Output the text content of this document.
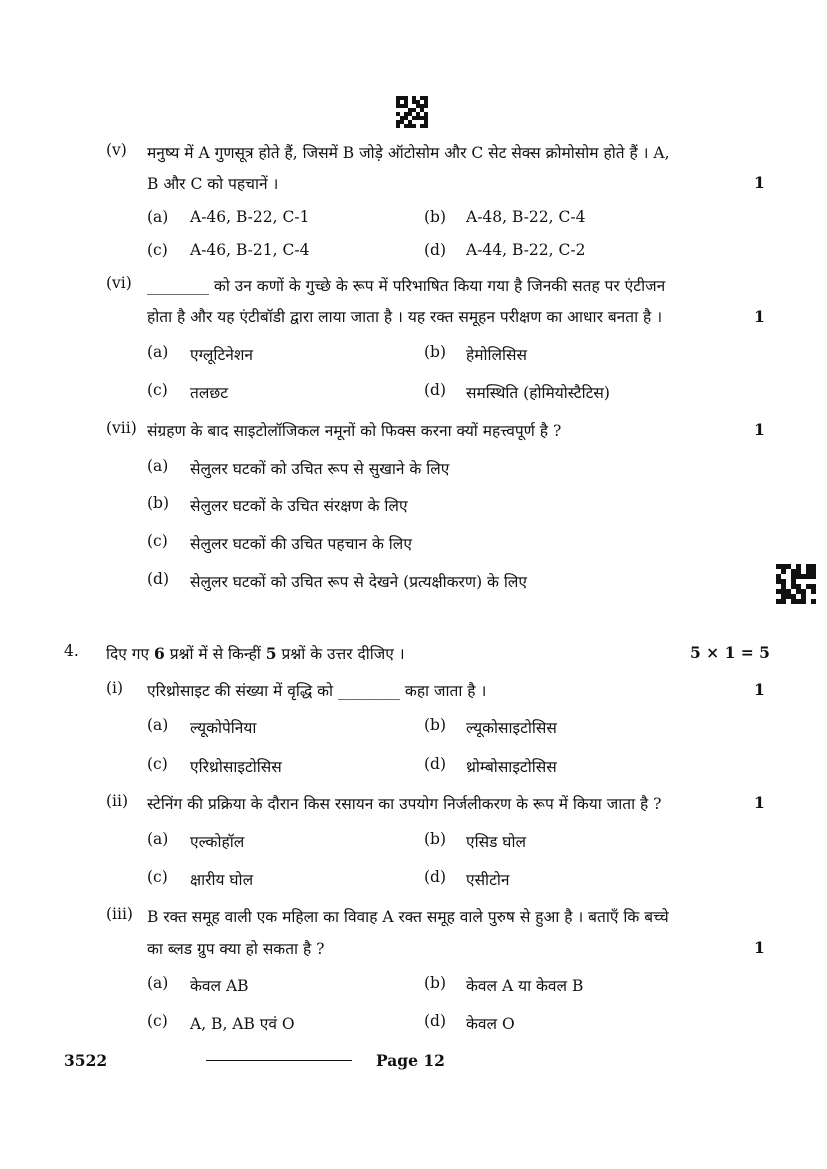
(v) मनुष्य में A गुणसूत्र होते हैं, जिसमें B जोड़े ऑटोसोम और C सेट सेक्स क्रोमोसोम होते हैं । A,
B और C को पहचानें ।	1
(a) A-46, B-22, C-1	(b) A-48, B-22, C-4
(c) A-46, B-21, C-4	(d) A-44, B-22, C-2
(vi) ________ को उन कणों के गुच्छे के रूप में परिभाषित किया गया है जिनकी सतह पर एंटीजन
होता है और यह एंटीबॉडी द्वारा लाया जाता है । यह रक्त समूहन परीक्षण का आधार बनता है ।	1
(a) एग्लूटिनेशन	(b) हेमोलिसिस
(c) तलछट	(d) समस्थिति (होमियोस्टैटिस)
(vii) संग्रहण के बाद साइटोलॉजिकल नमूनों को फिक्स करना क्यों महत्त्वपूर्ण है ?	1
(a) सेलुलर घटकों को उचित रूप से सुखाने के लिए
(b) सेलुलर घटकों के उचित संरक्षण के लिए
(c) सेलुलर घटकों की उचित पहचान के लिए
(d) सेलुलर घटकों को उचित रूप से देखने (प्रत्यक्षीकरण) के लिए
4. दिए गए 6 प्रश्नों में से किन्हीं 5 प्रश्नों के उत्तर दीजिए ।	5 × 1 = 5
(i) एरिथ्रोसाइट की संख्या में वृद्धि को ________ कहा जाता है ।	1
(a) ल्यूकोपेनिया	(b) ल्यूकोसाइटोसिस
(c) एरिथ्रोसाइटोसिस	(d) थ्रोम्बोसाइटोसिस
(ii) स्टेनिंग की प्रक्रिया के दौरान किस रसायन का उपयोग निर्जलीकरण के रूप में किया जाता है ?	1
(a) एल्कोहॉल	(b) एसिड घोल
(c) क्षारीय घोल	(d) एसीटोन
(iii) B रक्त समूह वाली एक महिला का विवाह A रक्त समूह वाले पुरुष से हुआ है । बताएँ कि बच्चे
का ब्लड ग्रुप क्या हो सकता है ?	1
(a) केवल AB	(b) केवल A या केवल B
(c) A, B, AB एवं O	(d) केवल O
3522	Page 12
